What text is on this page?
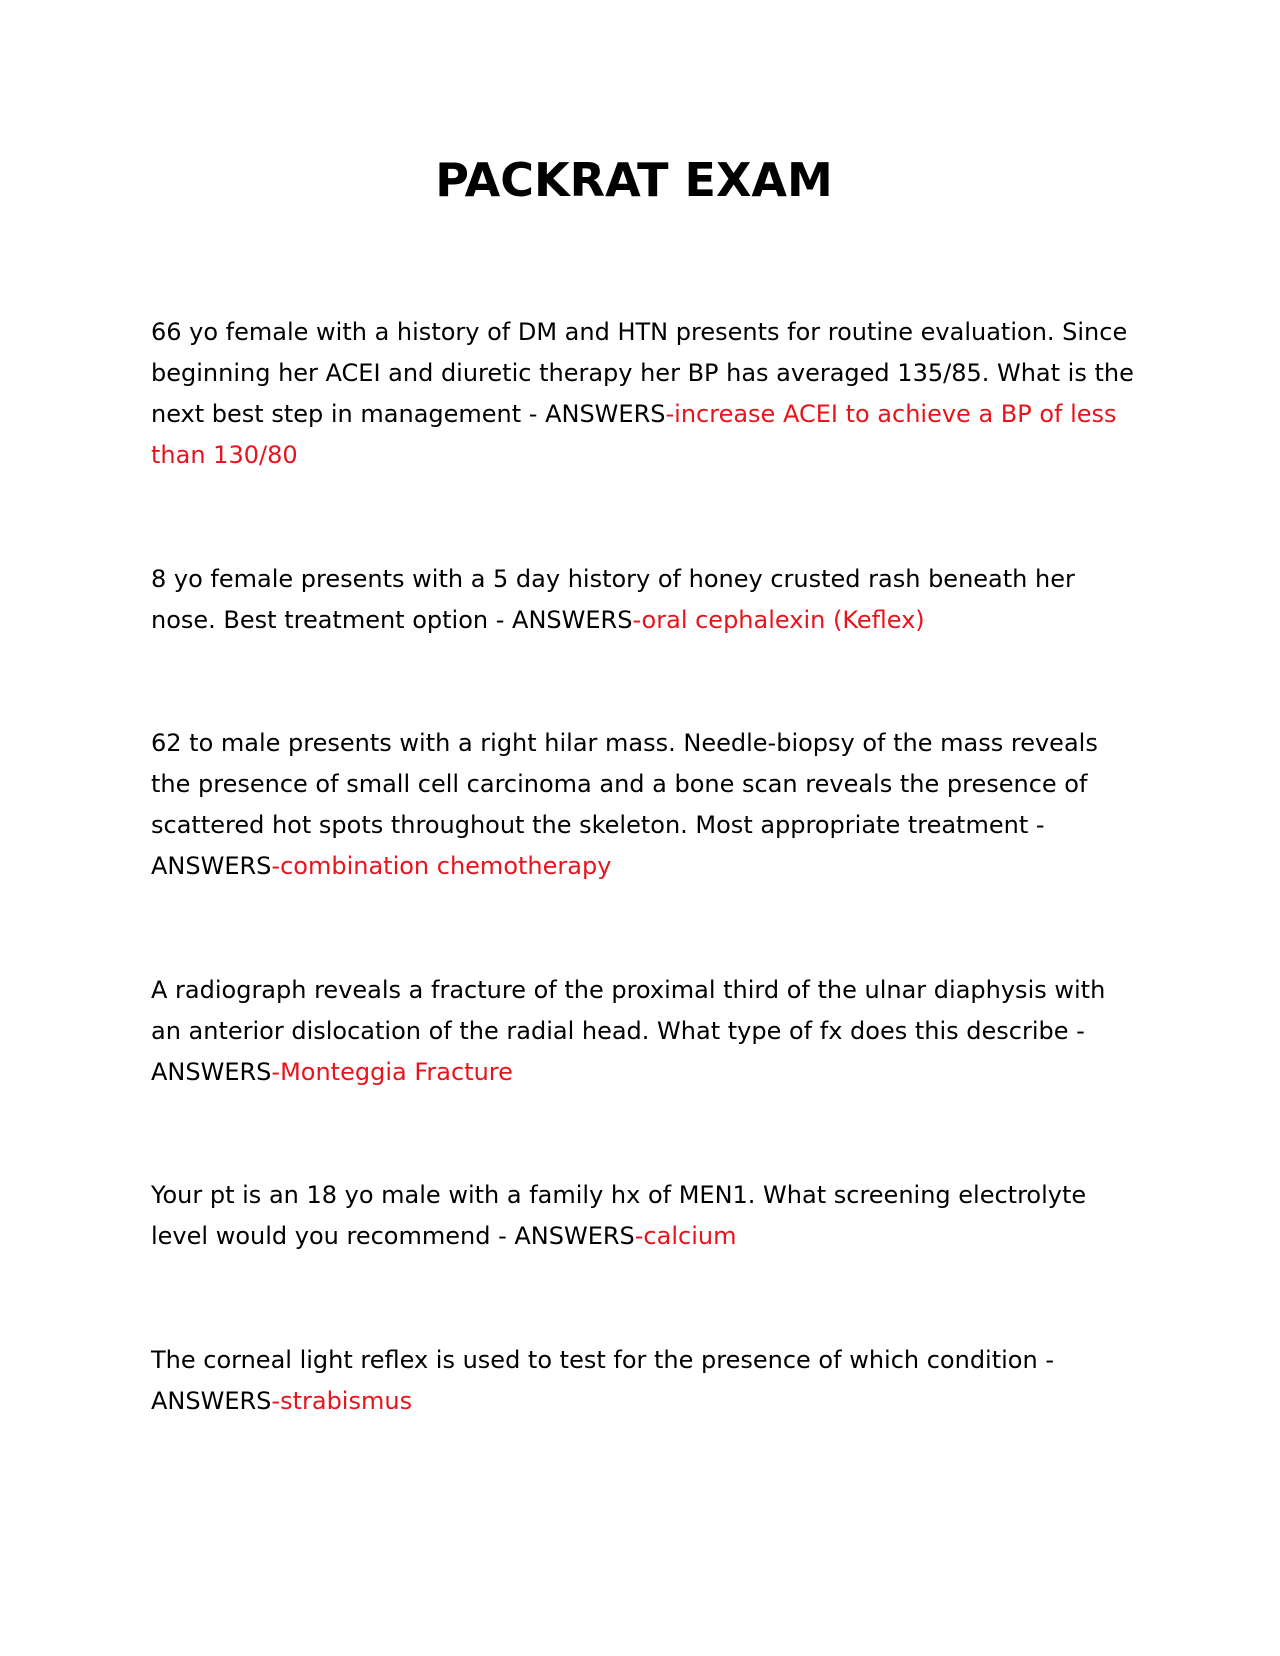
PACKRAT EXAM

66 yo female with a history of DM and HTN presents for routine evaluation. Since beginning her ACEI and diuretic therapy her BP has averaged 135/85. What is the next best step in management - ANSWERS-increase ACEI to achieve a BP of less than 130/80

8 yo female presents with a 5 day history of honey crusted rash beneath her nose. Best treatment option - ANSWERS-oral cephalexin (Keflex)

62 to male presents with a right hilar mass. Needle-biopsy of the mass reveals the presence of small cell carcinoma and a bone scan reveals the presence of scattered hot spots throughout the skeleton. Most appropriate treatment - ANSWERS-combination chemotherapy

A radiograph reveals a fracture of the proximal third of the ulnar diaphysis with an anterior dislocation of the radial head. What type of fx does this describe - ANSWERS-Monteggia Fracture

Your pt is an 18 yo male with a family hx of MEN1. What screening electrolyte level would you recommend - ANSWERS-calcium

The corneal light reflex is used to test for the presence of which condition - ANSWERS-strabismus
